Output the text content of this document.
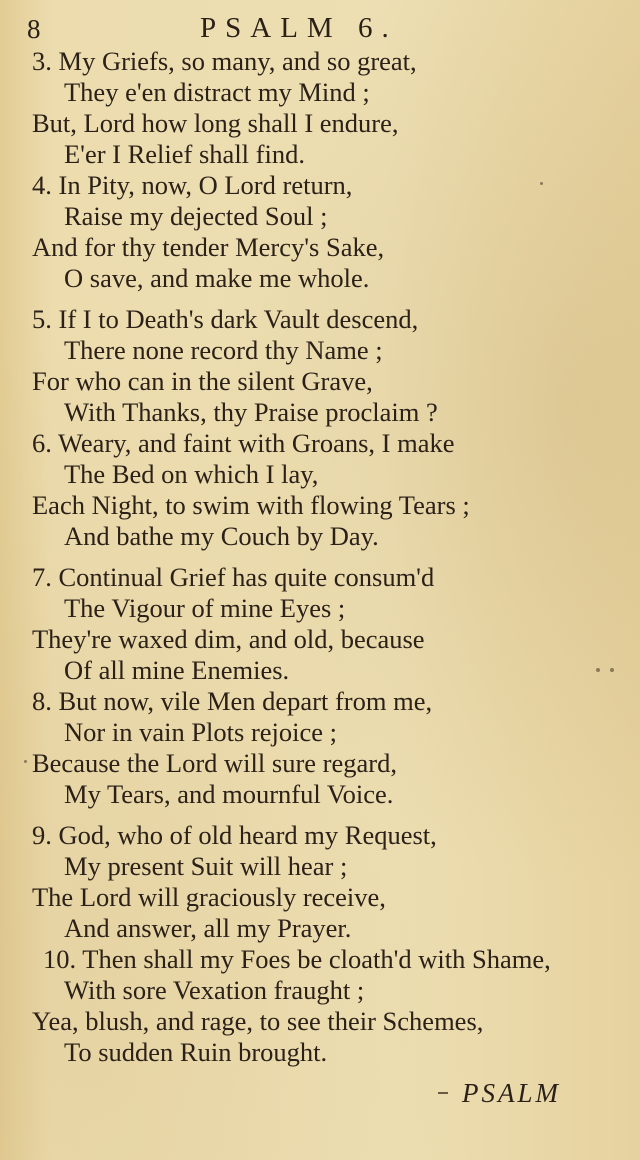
8	PSALM 6.
3. My Griefs, so many, and so great,
They e'en distract my Mind ;
But, Lord how long shall I endure,
E'er I Relief shall find.
4. In Pity, now, O Lord return,
Raise my dejected Soul ;
And for thy tender Mercy's Sake,
O save, and make me whole.
5. If I to Death's dark Vault descend,
There none record thy Name ;
For who can in the silent Grave,
With Thanks, thy Praise proclaim ?
6. Weary, and faint with Groans, I make
The Bed on which I lay,
Each Night, to swim with flowing Tears ;
And bathe my Couch by Day.
7. Continual Grief has quite consum'd
The Vigour of mine Eyes ;
They're waxed dim, and old, because
Of all mine Enemies.
8. But now, vile Men depart from me,
Nor in vain Plots rejoice ;
Because the Lord will sure regard,
My Tears, and mournful Voice.
9. God, who of old heard my Request,
My present Suit will hear ;
The Lord will graciously receive,
And answer, all my Prayer.
10. Then shall my Foes be cloath'd with Shame,
With sore Vexation fraught ;
Yea, blush, and rage, to see their Schemes,
To sudden Ruin brought.
PSALM
